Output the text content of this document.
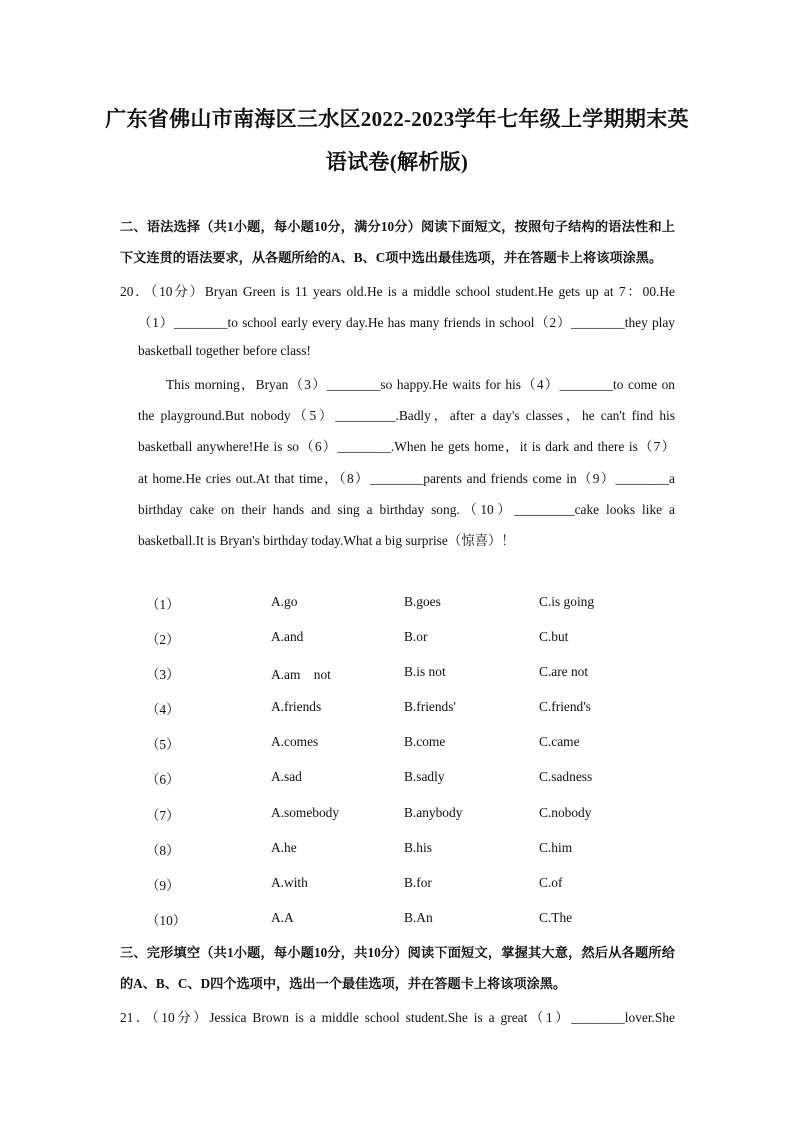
广东省佛山市南海区三水区2022-2023学年七年级上学期期末英
语试卷(解析版)
二、语法选择（共1小题，每小题10分，满分10分）阅读下面短文，按照句子结构的语法性和上下文连贯的语法要求，从各题所给的A、B、C项中选出最佳选项，并在答题卡上将该项涂黑。
20．（10分）Bryan Green is 11 years old.He is a middle school student.He gets up at 7：00.He
（1）________to school early every day.He has many friends in school（2）________they play
basketball together before class!
This morning，Bryan（3）________so happy.He waits for his（4）________to come on
the playground.But nobody（5）_________.Badly，after a day's classes，he can't find his
basketball anywhere!He is so（6）________.When he gets home，it is dark and there is（7）
at home.He cries out.At that time，（8）________parents and friends come in（9）________a
birthday cake on their hands and sing a birthday song.（10）_________cake looks like a
basketball.It is Bryan's birthday today.What a big surprise（惊喜）！
（1）	A.go	B.goes	C.is going
（2）	A.and	B.or	C.but
（3）	A.am　not	B.is not	C.are not
（4）	A.friends	B.friends'	C.friend's
（5）	A.comes	B.come	C.came
（6）	A.sad	B.sadly	C.sadness
（7）	A.somebody	B.anybody	C.nobody
（8）	A.he	B.his	C.him
（9）	A.with	B.for	C.of
（10）	A.A	B.An	C.The
三、完形填空（共1小题，每小题10分，共10分）阅读下面短文，掌握其大意，然后从各题所给的A、B、C、D四个选项中，选出一个最佳选项，并在答题卡上将该项涂黑。
21．（10分）Jessica Brown is a middle school student.She is a great（1）________lover.She
